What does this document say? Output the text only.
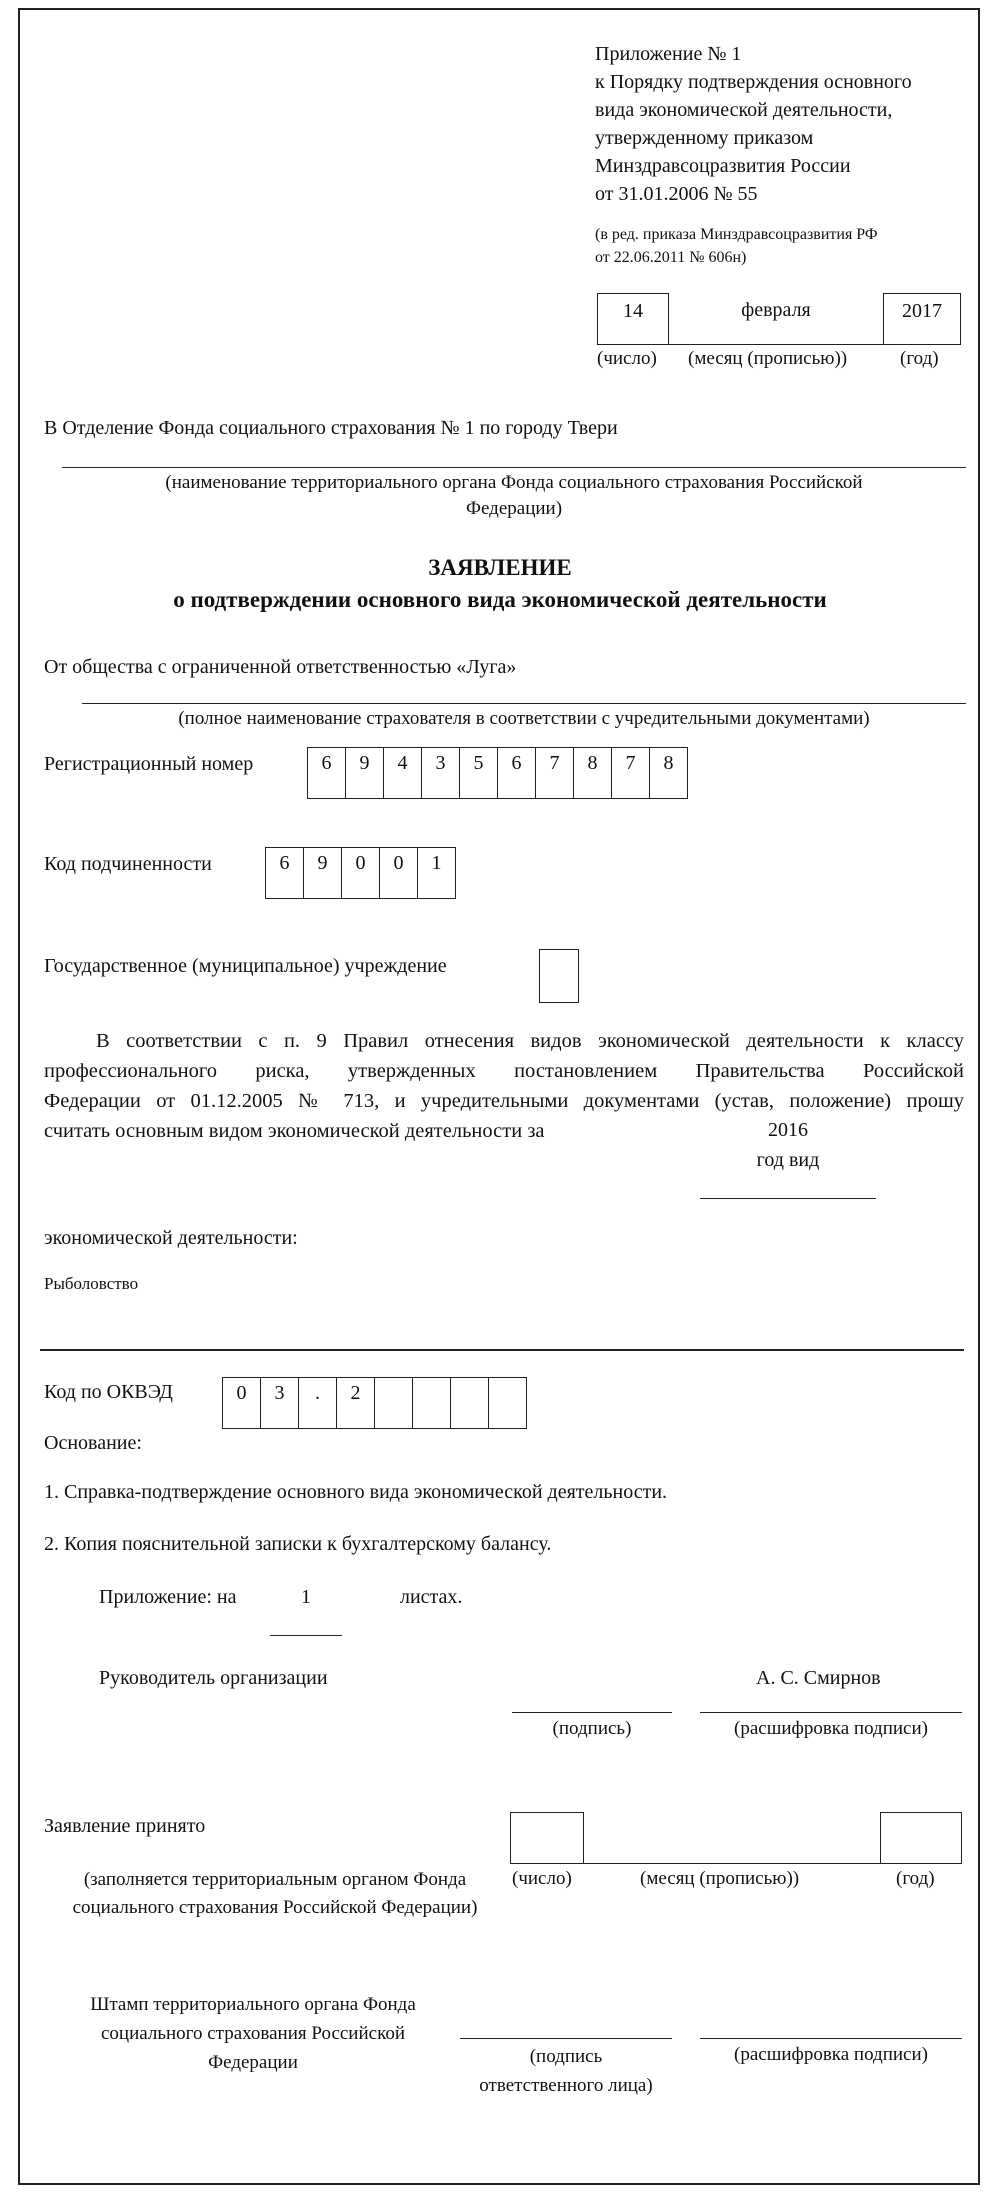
Приложение № 1
к Порядку подтверждения основного
вида экономической деятельности,
утвержденному приказом
Минздравсоцразвития России
от 31.01.2006 № 55
(в ред. приказа Минздравсоцразвития РФ
от 22.06.2011 № 606н)
14	февраля	2017
(число) (месяц (прописью))	(год)
В Отделение Фонда социального страхования № 1 по городу Твери
(наименование территориального органа Фонда социального страхования Российской
Федерации)
ЗАЯВЛЕНИЕ
о подтверждении основного вида экономической деятельности
От общества с ограниченной ответственностью «Луга»
(полное наименование страхователя в соответствии с учредительными документами)
Регистрационный номер	6	9	4	3	5	6	7	8	7	8
Код подчиненности	6	9	0	0	1
Государственное (муниципальное) учреждение
В соответствии с п. 9 Правил отнесения видов экономической деятельности к классу
профессионального риска, утвержденных постановлением Правительства Российской
Федерации от 01.12.2005 № 713, и учредительными документами (устав, положение) прошу
считать основным видом экономической деятельности за	2016
год вид
экономической деятельности:
Рыболовство
Код по ОКВЭД	0	3	.	2
Основание:
1. Справка-подтверждение основного вида экономической деятельности.
2. Копия пояснительной записки к бухгалтерскому балансу.
Приложение: на	1	листах.
Руководитель организации	А. С. Смирнов
(подпись)	(расшифровка подписи)
Заявление принято
(число)	(месяц (прописью))	(год)
(заполняется территориальным органом Фонда
социального страхования Российской Федерации)
Штамп территориального органа Фонда
социального страхования Российской
Федерации	(подпись
ответственного лица)
(расшифровка подписи)
